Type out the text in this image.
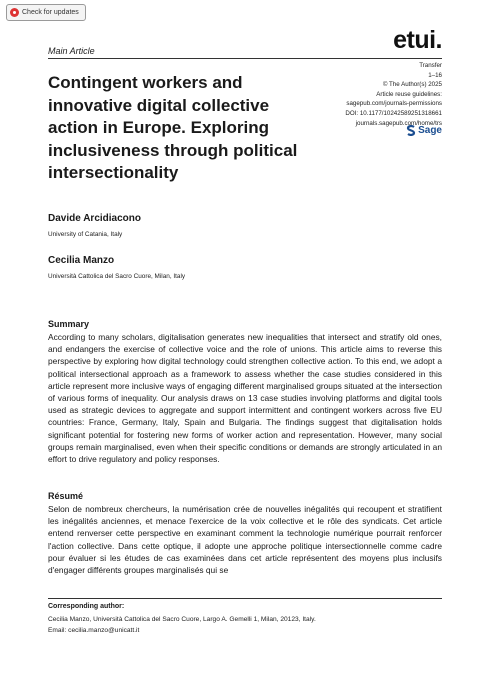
Check for updates
Main Article	etui.
Contingent workers and innovative digital collective action in Europe. Exploring inclusiveness through political intersectionality
Transfer
1–16
© The Author(s) 2025
Article reuse guidelines:
sagepub.com/journals-permissions
DOI: 10.1177/10242589251318661
journals.sagepub.com/home/trs
Sage
Davide Arcidiacono
University of Catania, Italy
Cecilia Manzo
Università Cattolica del Sacro Cuore, Milan, Italy
Summary

According to many scholars, digitalisation generates new inequalities that intersect and stratify old ones, and endangers the exercise of collective voice and the role of unions. This article aims to reverse this perspective by exploring how digital technology could strengthen collective action. To this end, we adopt a political intersectional approach as a framework to assess whether the case studies considered in this article represent more inclusive ways of engaging different marginalised groups situated at the intersection of various forms of inequality. Our analysis draws on 13 case studies involving platforms and digital tools used as strategic devices to aggregate and support intermittent and contingent workers across five EU countries: France, Germany, Italy, Spain and Bulgaria. The findings suggest that digitalisation holds significant potential for fostering new forms of worker action and representation. However, many social groups remain marginalised, even when their specific conditions or demands are strongly articulated in an effort to drive regulatory and policy responses.

Résumé

Selon de nombreux chercheurs, la numérisation crée de nouvelles inégalités qui recoupent et stratifient les inégalités anciennes, et menace l'exercice de la voix collective et le rôle des syndicats. Cet article entend renverser cette perspective en examinant comment la technologie numérique pourrait renforcer l'action collective. Dans cette optique, il adopte une approche politique intersectionnelle comme cadre pour évaluer si les études de cas examinées dans cet article représentent des moyens plus inclusifs d'engager différents groupes marginalisés qui se

Corresponding author:
Cecilia Manzo, Università Cattolica del Sacro Cuore, Largo A. Gemelli 1, Milan, 20123, Italy.
Email: cecilia.manzo@unicatt.it
